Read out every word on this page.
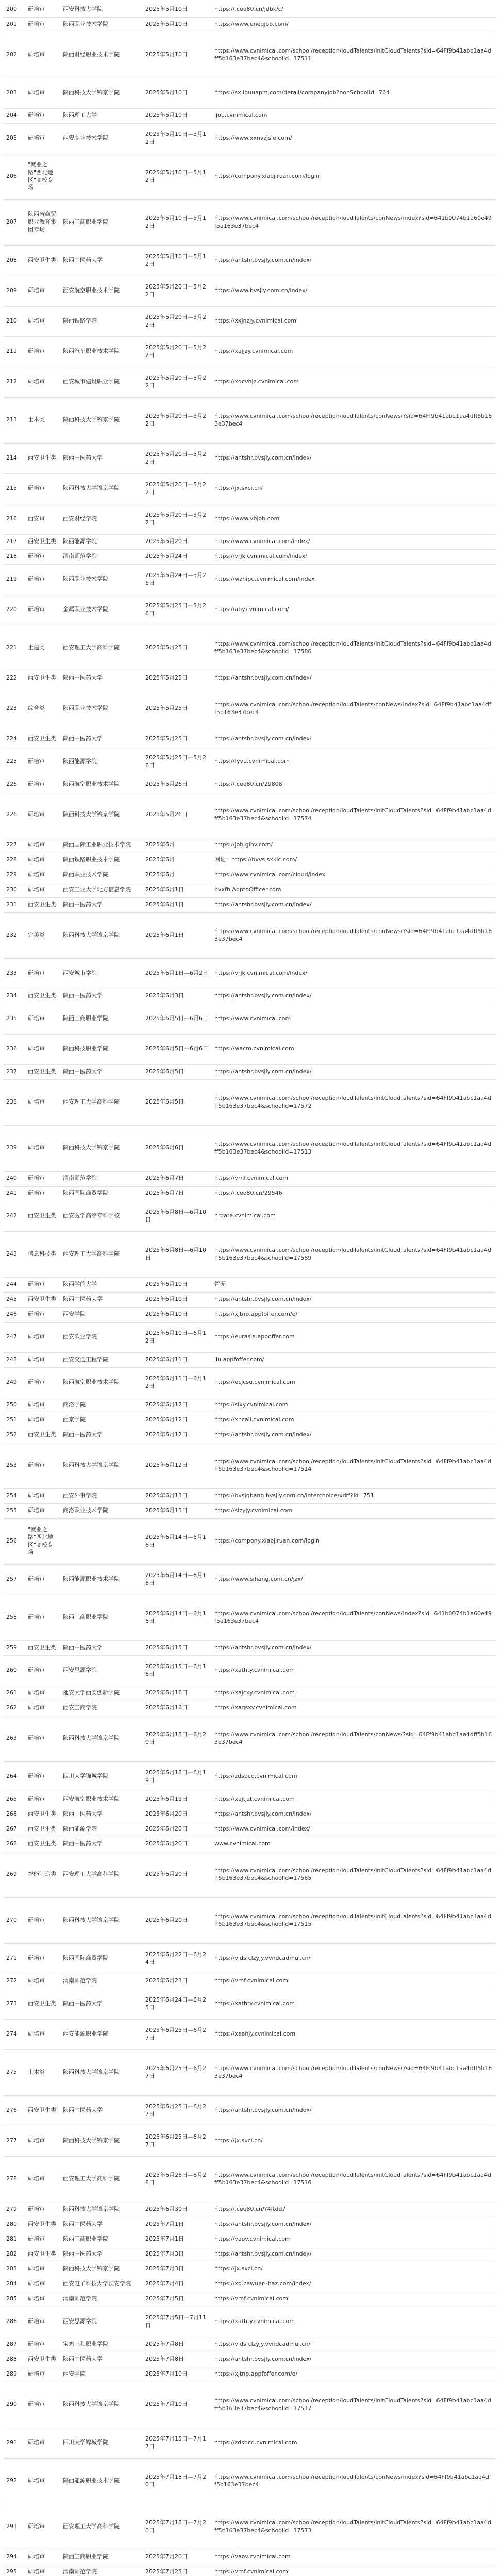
200	研培审	西安科技大学院	2025年5月10日	https://.ceo80.cn/jdbk/c/
201	研培审	陕西职业技术学院	2025年5月10日	https://www.eneqjob.com/
202	研培审	陕西财经职业技术学院	2025年5月10日	https://www.cvnimical.com/school/reception/loudTalents/initCloudTalents?sid=64Ff9b41abc1aa4dff5b163e37bec4&schoolId=17511
203	研培审	陕西科技大学镐京学院	2025年5月10日	https://sx.iguuapm.com/detail/companyJob?nonSchoolId=764
204	研培审	陕西理工大学	2025年5月10日	ljob.cvnimical.com
205	研培审	西安职业技术学院	2025年5月10日—5月12日	https://www.xxnvzjsie.com/
206	"就业之路"西北地区"高校专场		2025年5月10日—5月12日	https://compony.xiaojiruan.com/login
207	陕西省商贸职业教育集团专场	陕西工商职业学院	2025年5月10日—5月12日	https://www.cvnimical.com/school/reception/loudTalents/conNews/index?sid=641b0074b1a60e49f5a163e37bec4
208	西安卫生类	陕西中医药大学	2025年5月10日—5月12日	https://antshr.bvsjly.com.cn/index/
209	研培审	西安航空职业技术学院	2025年5月20日—5月22日	https://www.bvsjly.com.cn/index/
210	研培审	陕西铁路学院	2025年5月20日—5月22日	https://xxjnzjy.cvnimical.com
211	研培审	陕西汽车职业技术学院	2025年5月20日—5月22日	https://xajjzy.cvnimical.com
212	研培审	西安城市建设职业学院	2025年5月20日—5月22日	https://xqcvhjz.cvnimical.com
213	土木类	陕西科技大学镐京学院	2025年5月20日—5月22日	https://www.cvnimical.com/school/reception/loudTalents/conNews/?sid=64Ff9b41abc1aa4dff5b163e37bec4
214	西安卫生类	陕西中医药大学	2025年5月20日—5月22日	https://antshr.bvsjly.com.cn/index/
215	研培审	陕西科技大学镐京学院	2025年5月20日—5月22日	https://jx.sxci.cn/
216	西安审	西安财经学院	2025年5月20日—5月22日	https://www.vbjob.com
217	西安卫生类	陕西能源学院	2025年5月20日	https://www.cvnimical.com/index/
218	研培审	渭南师范学院	2025年5月24日	https://vrjk.cvnimical.com/index/
219	研培审	陕西职业技术学院	2025年5月24日—5月26日	https://wzhipu.cvnimical.com/index
220	研培审	金属职业技术学院	2025年5月25日—5月26日	https://aby.cvnimical.com/
221	土建类	西安理工大学高科学院	2025年5月25日	https://www.cvnimical.com/school/reception/loudTalents/initCloudTalents?sid=64Ff9b41abc1aa4dff5b163e37bec4&schoolId=17586
222	西安卫生类	陕西中医药大学	2025年5月25日	https://antshr.bvsjly.com.cn/index/
223	综合类	陕西职业技术学院	2025年5月25日	https://www.cvnimical.com/school/reception/loudTalents/conNews/index?sid=64Ff9b41abc1aa4dff5b163e37bec4
224	西安卫生类	陕西中医药大学	2025年5月25日	https://antshr.bvsjly.com.cn/index/
225	研培审	陕西能源学院	2025年5月25日—5月26日	https://fyvu.cvnimical.com
226	研培审	陕西航空职业技术学院	2025年5月26日	https://.ceo80.cn/29808
226	研培审	陕西科技大学镐京学院	2025年5月26日	https://www.cvnimical.com/school/reception/loudTalents/initCloudTalents?sid=64Ff9b41abc1aa4dff5b163e37bec4&schoolId=17574
227	研培审	陕西国际工业职业技术学院	2025年6月	https://job.glhv.com/
228	研培审	陕西铁路职业技术学院	2025年6月	网址：https://bvvs.sxkic.com/
229	研培审	陕西职业技术学院	2025年6月	https://www.cvnimical.com/cloud/index
230	研培审	西安工业大学北方信息学院	2025年6月1日	bvxfb.ApptoOfficer.com
231	西安卫生类	陕西中医药大学	2025年6月1日	https://antshr.bvsjly.com.cn/index/
232	完美类	陕西科技大学镐京学院	2025年6月1日	https://www.cvnimical.com/school/reception/loudTalents/conNews/?sid=64Ff9b41abc1aa4dff5b163e37bec4
233	研培审	西安城市学院	2025年6月1日—6月2日	https://vrjk.cvnimical.com/index/
234	西安卫生类	陕西中医药大学	2025年6月3日	https://antshr.bvsjly.com.cn/index/
235	研培审	陕西工商职业学院	2025年6月5日—6月6日	https://www.cvnimical.com
236	研培审	陕西科技职业学院	2025年6月5日—6月6日	https://wacm.cvnimical.com
237	西安卫生类	陕西中医药大学	2025年6月5日	https://antshr.bvsjly.com.cn/index/
238	研培审	西安理工大学高科学院	2025年6月5日	https://www.cvnimical.com/school/reception/loudTalents/initCloudTalents?sid=64Ff9b41abc1aa4dff5b163e37bec4&schoolId=17572
239	研培审	陕西科技大学镐京学院	2025年6月6日	https://www.cvnimical.com/school/reception/loudTalents/initCloudTalents?sid=64Ff9b41abc1aa4dff5b163e37bec4&schoolId=17513
240	研培审	渭南师范学院	2025年6月7日	https://vrnf.cvnimical.com
241	研培审	陕西国际商贸学院	2025年6月7日	https://.ceo80.cn/29546
242	西安卫生类	西安医学高等专科学校	2025年6月8日—6月10日	hrgate.cvnimical.com
243	信息科技类	西安理工大学高科学院	2025年6月8日—6月10日	https://www.cvnimical.com/school/reception/loudTalents/initCloudTalents?sid=64Ff9b41abc1aa4dff5b163e37bec4&schoolId=17589
244	研培审	陕西学前大学	2025年6月10日	暂无
245	西安卫生类	陕西中医药大学	2025年6月10日	https://antshr.bvsjly.com.cn/index/
246	研培审	西安学院	2025年6月10日	https://xjtnp.appfoffer.com/e/
247	研培审	西安欧亚学院	2025年6月10日—6月12日	https://eurasia.appoffer.com
248	研培审	西安交通工程学院	2025年6月11日	jlu.appfoffer.com/
249	研培审	陕西航空职业技术学院	2025年6月11日—6月12日	https://ecjcsu.cvnimical.com
250	研培审	商洛学院	2025年6月12日	https://slxy.cvnimical.com
251	研培审	西京学院	2025年6月12日	https://xncall.cvnimical.com
252	西安卫生类	陕西中医药大学	2025年6月12日	https://antshr.bvsjly.com.cn/index/
253	研培审	陕西科技大学镐京学院	2025年6月12日	https://www.cvnimical.com/school/reception/loudTalents/initCloudTalents?sid=64Ff9b41abc1aa4dff5b163e37bec4&schoolId=17514
254	研培审	西安外事学院	2025年6月13日	https://bvsjgbang.bvsjly.com.cn/interchoice/xdtf?id=751
255	研培审	商洛职业技术学院	2025年6月13日	https://slzyjy.cvnimical.com
256	"就业之路"西北地区"高校专场		2025年6月14日—6月16日	https://compony.xiaojiruan.com/login
257	研培审	陕西能源职业技术学院	2025年6月14日—6月16日	https://www.sihang.com.cn/jzx/
258	研培审	陕西工商职业学院	2025年6月14日—6月16日	https://www.cvnimical.com/school/reception/loudTalents/conNews/index?sid=641b0074b1a60e49f5a163e37bec4
259	西安卫生类	陕西中医药大学	2025年6月15日	https://antshr.bvsjly.com.cn/index/
260	研培审	西安思源学院	2025年6月15日—6月16日	https://xathty.cvnimical.com
261	研培审	延安大学西安创新学院	2025年6月16日	https://xajcxy.cvnimical.com
262	研培审	西安工商学院	2025年6月16日	https://xagsxy.cvnimical.com
263	研培审	陕西科技大学镐京学院	2025年6月18日—6月20日	https://www.cvnimical.com/school/reception/loudTalents/conNews/?sid=64Ff9b41abc1aa4dff5b163e37bec4
264	研培审	四川大学锦城学院	2025年6月18日—6月19日	https://zdsbcd.cvnimical.com
265	研培审	西安航空职业技术学院	2025年6月19日	https://xajtjzt.cvnimical.com
266	西安卫生类	陕西中医药大学	2025年6月20日	https://antshr.bvsjly.com.cn/index/
267	西安卫生类	陕西能源学院	2025年6月20日	https://www.cvnimical.com/index/
268	西安卫生类	陕西中医药大学	2025年6月20日	www.cvnimical.com
269	智能制造类	西安理工大学高科学院	2025年6月20日	https://www.cvnimical.com/school/reception/loudTalents/initCloudTalents?sid=64Ff9b41abc1aa4dff5b163e37bec4&schoolId=17565
270	研培审	陕西科技大学镐京学院	2025年6月20日	https://www.cvnimical.com/school/reception/loudTalents/initCloudTalents?sid=64Ff9b41abc1aa4dff5b163e37bec4&schoolId=17515
271	研培审	陕西国际商贸学院	2025年6月22日—6月24日	https://vidsfclzyjy.vvndcadmui.cn/
272	研培审	渭南师范学院	2025年6月23日	https://vrnf.cvnimical.com
273	西安卫生类	陕西中医药大学	2025年6月24日—6月25日	https://xathty.cvnimical.com
274	研培审	西安能源职业学院	2025年6月25日—6月27日	https://xaahjy.cvnimical.com
275	土木类	陕西科技大学镐京学院	2025年6月25日—6月27日	https://www.cvnimical.com/school/reception/loudTalents/conNews/?sid=64Ff9b41abc1aa4dff5b163e37bec4
276	西安卫生类	陕西中医药大学	2025年6月25日—6月27日	https://antshr.bvsjly.com.cn/index/
277	研培审	陕西科技大学镐京学院	2025年6月25日—6月27日	https://jx.sxci.cn/
278	研培审	西安理工大学高科学院	2025年6月26日—6月28日	https://www.cvnimical.com/school/reception/loudTalents/initCloudTalents?sid=64Ff9b41abc1aa4dff5b163e37bec4&schoolId=17516
279	研培审	陕西科技大学镐京学院	2025年6月30日	https://.ceo80.cn/?4ftdd7
280	西安卫生类	陕西中医药大学	2025年7月1日	https://antshr.bvsjly.com.cn/index/
281	研培审	陕西工商职业学院	2025年7月1日	https://vaov.cvnimical.com
282	西安卫生类	陕西中医药大学	2025年7月3日	https://antshr.bvsjly.com.cn/index/
283	研培审	陕西科技大学镐京学院	2025年7月3日	https://jx.sxci.cn/
284	研培审	西安电子科技大学长安学院	2025年7月4日	https://xd.cawuer--haz.com/index/
285	研培审	渭南师范学院	2025年7月5日	https://vrnf.cvnimical.com
286	研培审	西安思源学院	2025年7月5日—7月11日	https://xathty.cvnimical.com
287	研培审	宝鸡三和职业学院	2025年7月8日	https://vidsfclzyjy.vvndcadmui.cn/
288	西安卫生类	陕西中医药大学	2025年7月8日	https://antshr.bvsjly.com.cn/index/
289	研培审	西安学院	2025年7月10日	https://xjtnp.appfoffer.com/e/
290	研培审	陕西科技大学镐京学院	2025年7月10日	https://www.cvnimical.com/school/reception/loudTalents/initCloudTalents?sid=64Ff9b41abc1aa4dff5b163e37bec4&schoolId=17517
291	研培审	四川大学锦城学院	2025年7月15日—7月17日	https://zdsbcd.cvnimical.com
292	研培审	陕西能源职业技术学院	2025年7月18日—7月20日	https://www.cvnimical.com/school/reception/loudTalents/conNews/index?sid=64Ff9b41abc1aa4dff5b163e37bec4
293	研培审	西安理工大学高科学院	2025年7月18日—7月20日	https://www.cvnimical.com/school/reception/loudTalents/initCloudTalents?sid=64Ff9b41abc1aa4dff5b163e37bec4&schoolId=17573
294	研培审	陕西工商职业学院	2025年7月20日	https://vaov.cvnimical.com
295	研培审	渭南师范学院	2025年7月25日	https://vrnf.cvnimical.com
